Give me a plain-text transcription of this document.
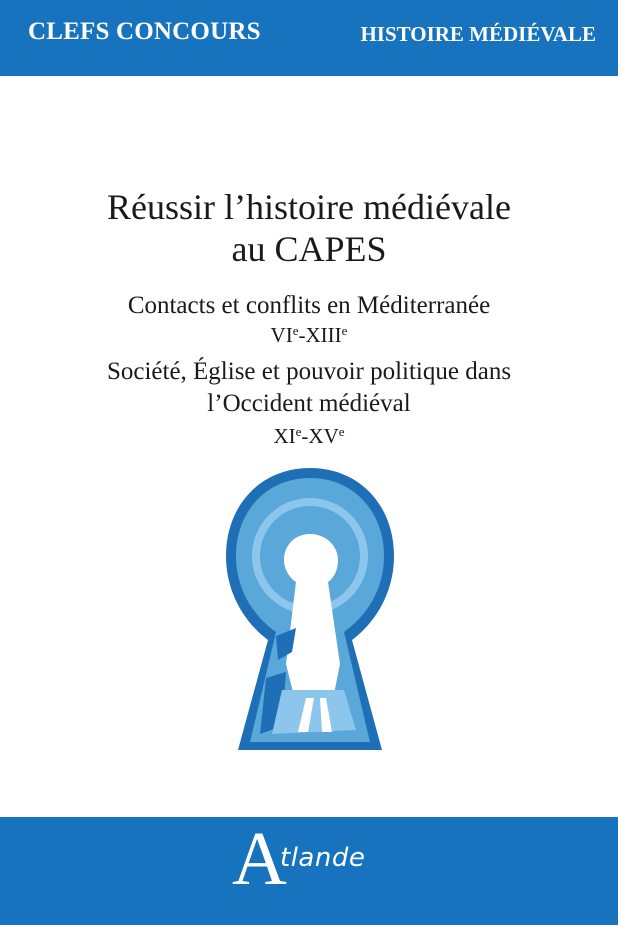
CLEFS CONCOURS	HISTOIRE MÉDIÉVALE
Réussir l’histoire médiévale
au CAPES
Contacts et conflits en Méditerranée
VIe-XIIIe
Société, Église et pouvoir politique dans
l’Occident médiéval
XIe-XVe
A
tlande
